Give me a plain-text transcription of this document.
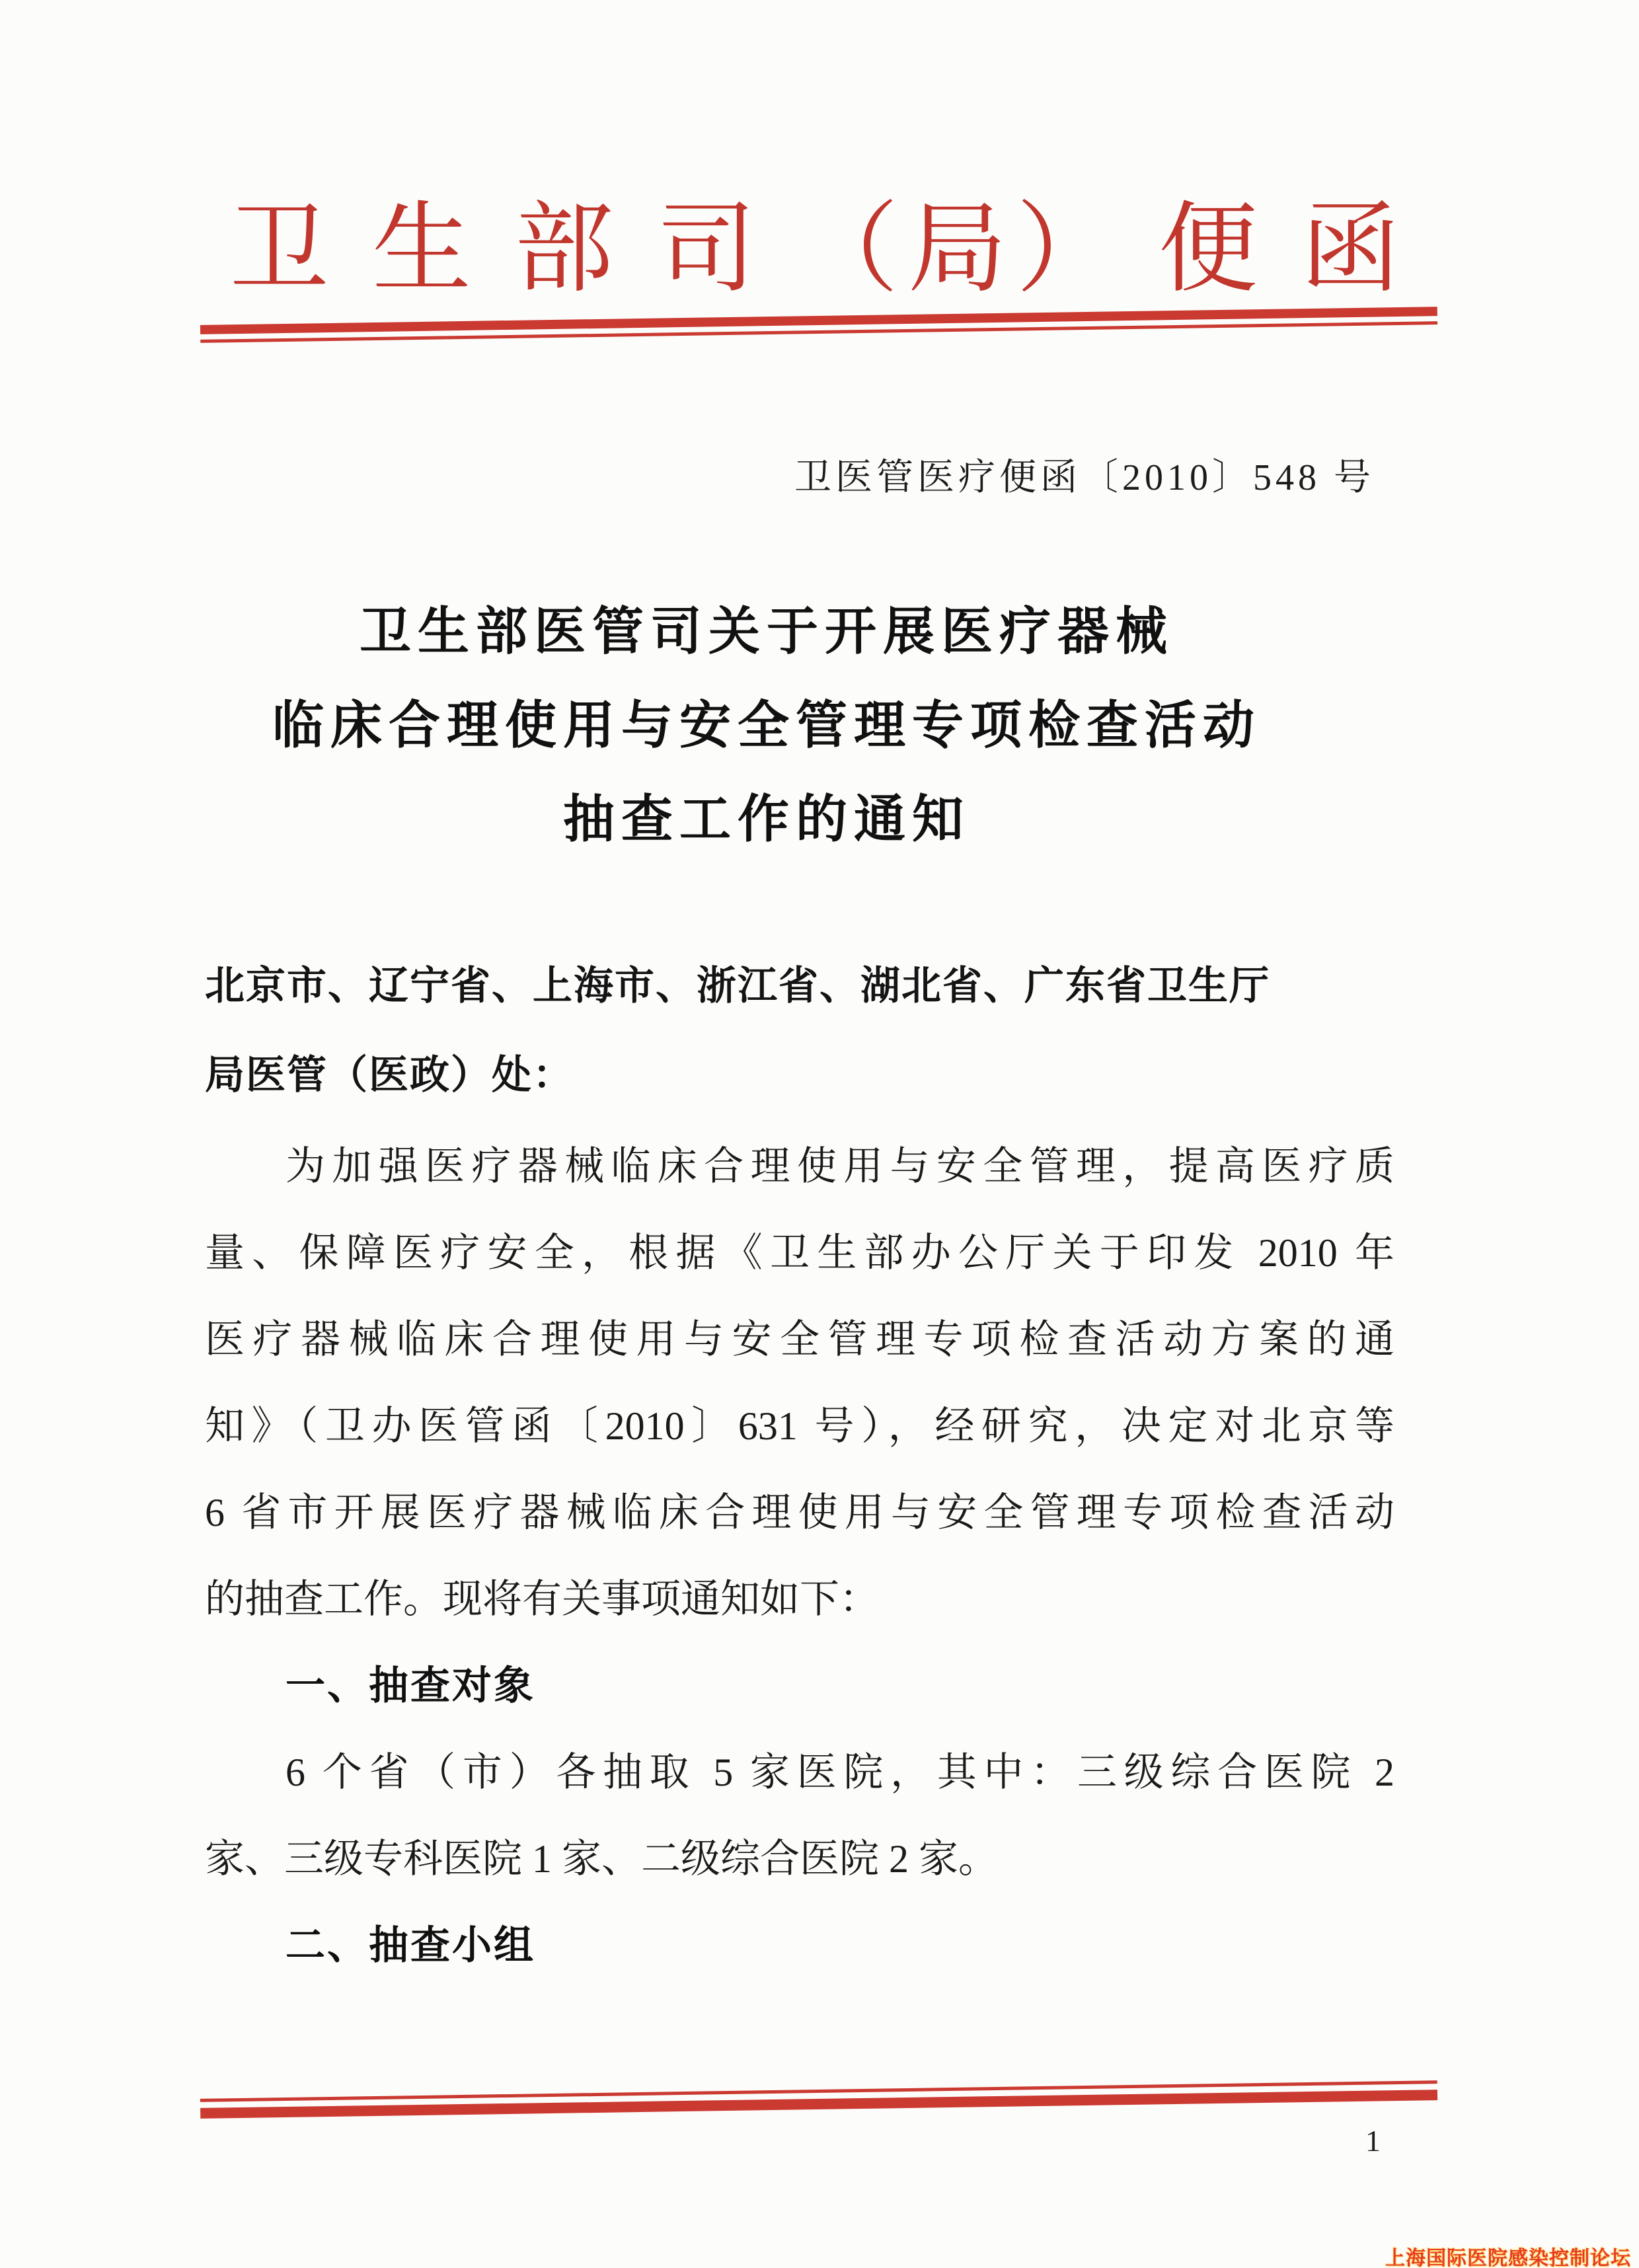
卫 生 部 司 （局） 便 函
卫医管医疗便函〔2010〕548 号
卫生部医管司关于开展医疗器械
临床合理使用与安全管理专项检查活动
抽查工作的通知
北京市、辽宁省、上海市、浙江省、湖北省、广东省卫生厅
局医管（医政）处：
为加强医疗器械临床合理使用与安全管理，提高医疗质
量、保障医疗安全，根据《卫生部办公厅关于印发 2010 年
医疗器械临床合理使用与安全管理专项检查活动方案的通
知》（卫办医管函〔2010〕631 号），经研究，决定对北京等
6 省市开展医疗器械临床合理使用与安全管理专项检查活动
的抽查工作。现将有关事项通知如下：
一、抽查对象
6 个省（市）各抽取 5 家医院，其中：三级综合医院 2
家、三级专科医院 1 家、二级综合医院 2 家。
二、抽查小组
1
上海国际医院感染控制论坛
